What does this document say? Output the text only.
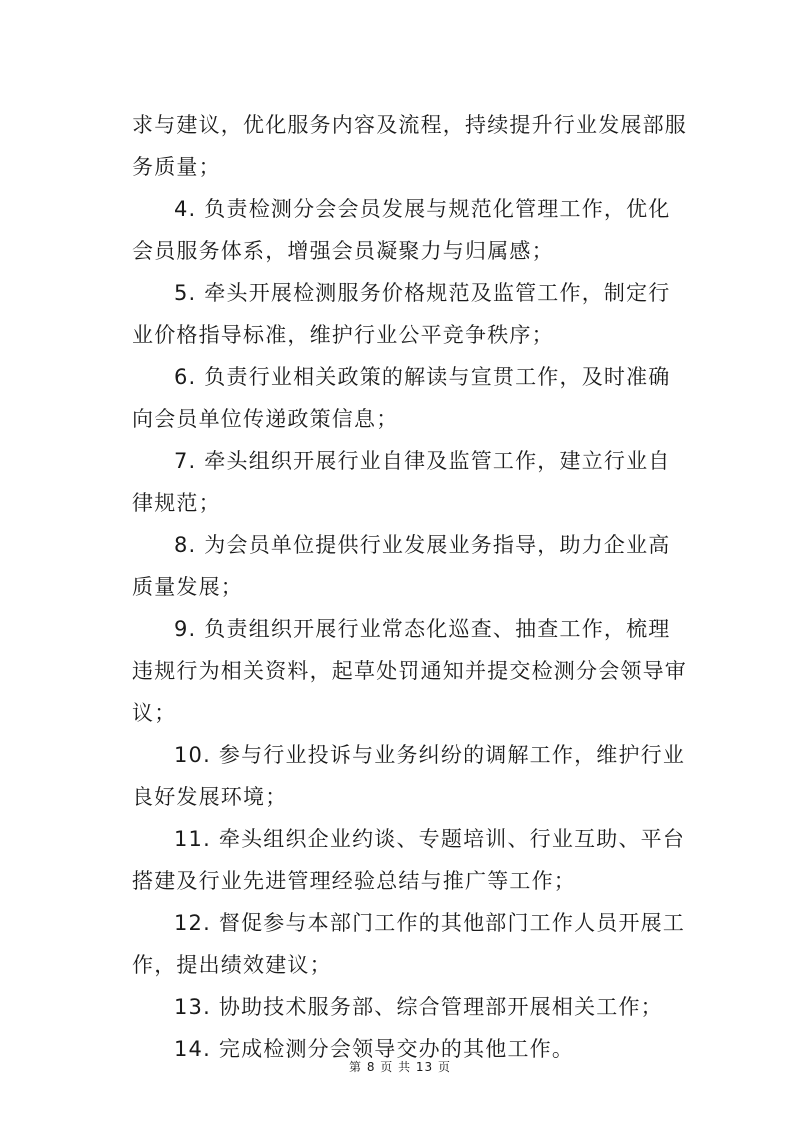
求与建议，优化服务内容及流程，持续提升行业发展部服务质量；

4. 负责检测分会会员发展与规范化管理工作，优化会员服务体系，增强会员凝聚力与归属感；

5. 牵头开展检测服务价格规范及监管工作，制定行业价格指导标准，维护行业公平竞争秩序；

6. 负责行业相关政策的解读与宣贯工作，及时准确向会员单位传递政策信息；

7. 牵头组织开展行业自律及监管工作，建立行业自律规范；

8. 为会员单位提供行业发展业务指导，助力企业高质量发展；

9. 负责组织开展行业常态化巡查、抽查工作，梳理违规行为相关资料，起草处罚通知并提交检测分会领导审议；

10. 参与行业投诉与业务纠纷的调解工作，维护行业良好发展环境；

11. 牵头组织企业约谈、专题培训、行业互助、平台搭建及行业先进管理经验总结与推广等工作；

12. 督促参与本部门工作的其他部门工作人员开展工作，提出绩效建议；

13. 协助技术服务部、综合管理部开展相关工作；

14. 完成检测分会领导交办的其他工作。

第 8 页 共 13 页
